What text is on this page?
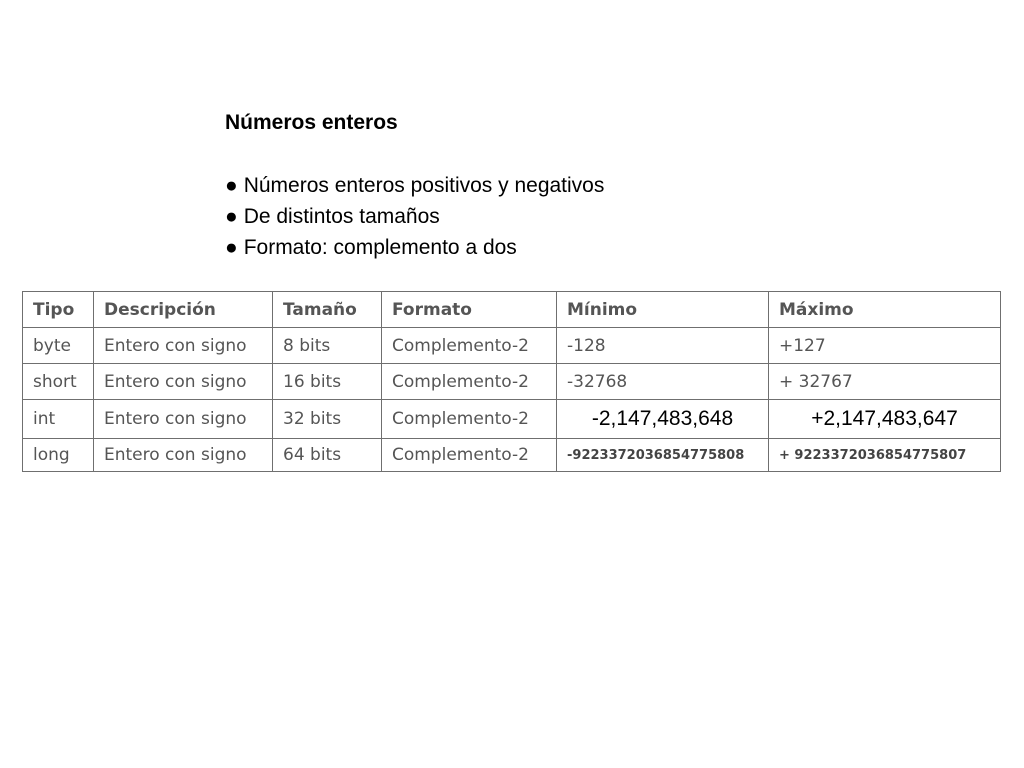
Números enteros
● Números enteros positivos y negativos
● De distintos tamaños
● Formato: complemento a dos
Tipo	Descripción	Tamaño	Formato	Mínimo	Máximo
byte	Entero con signo	8 bits	Complemento-2	-128	+127
short	Entero con signo	16 bits	Complemento-2	-32768	+ 32767
int	Entero con signo	32 bits	Complemento-2	-2,147,483,648	+2,147,483,647
long	Entero con signo	64 bits	Complemento-2	-9223372036854775808	+ 9223372036854775807
